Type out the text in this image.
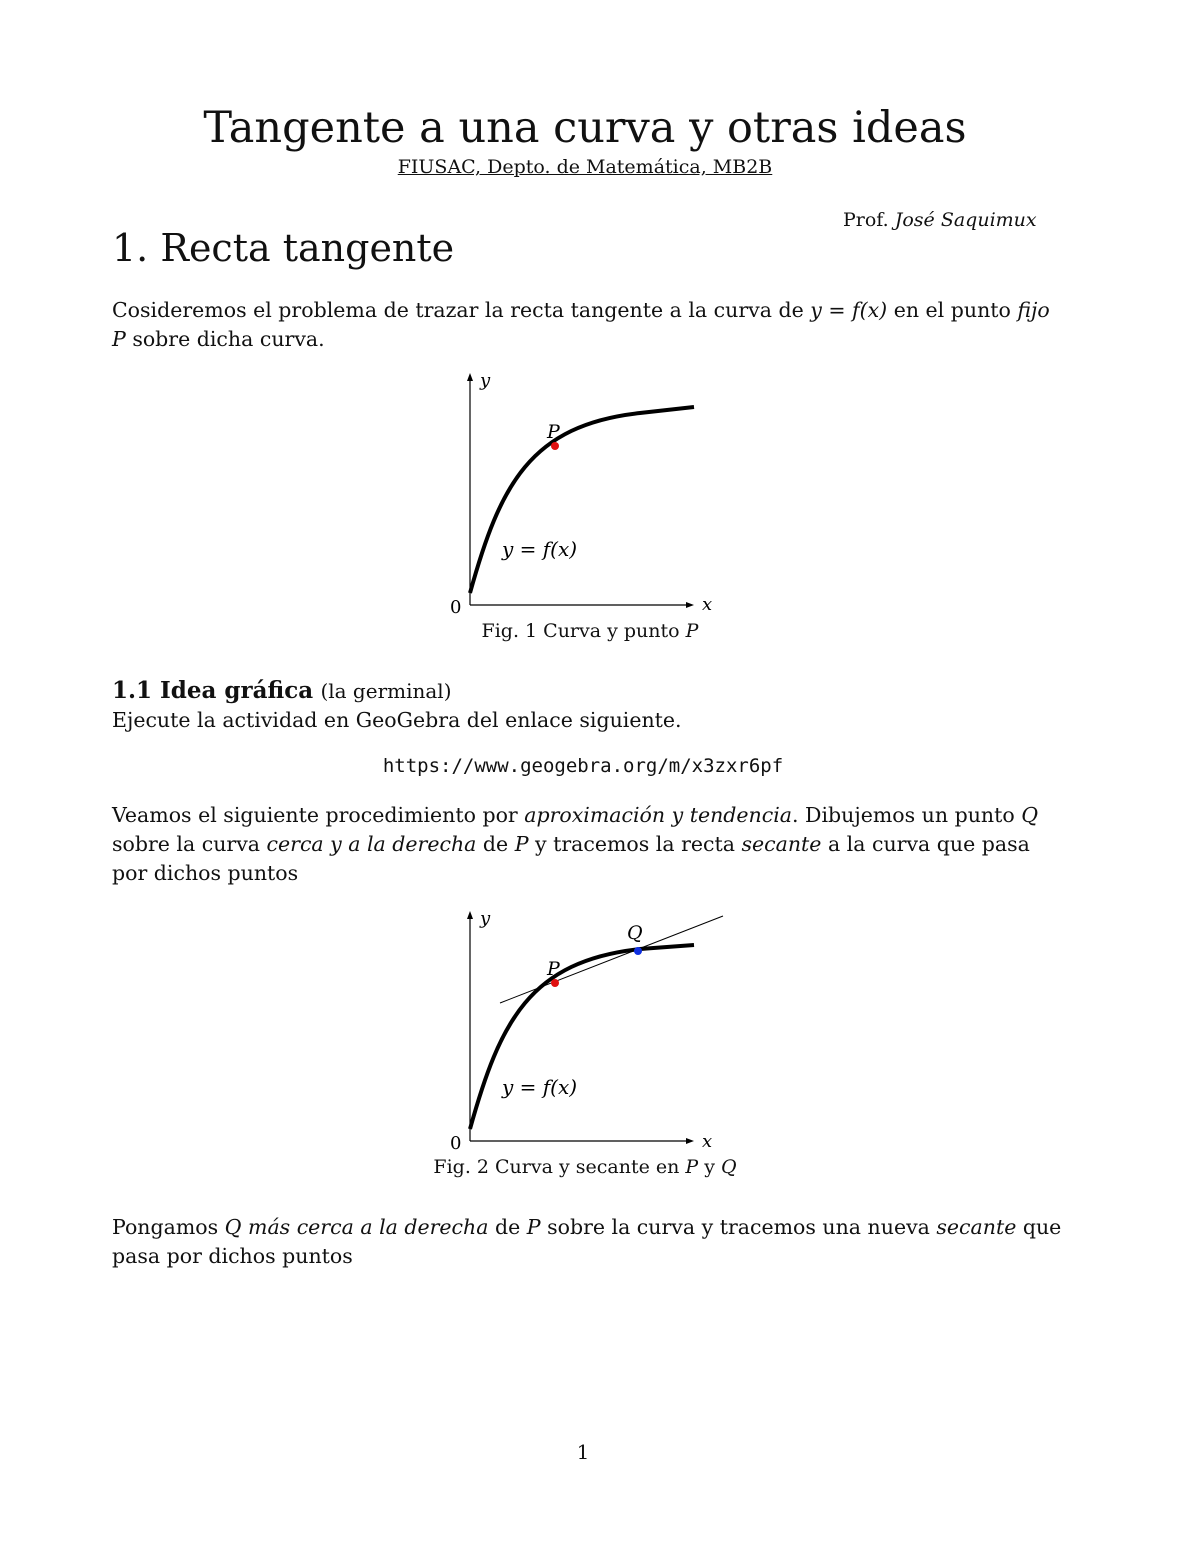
Tangente a una curva y otras ideas
FIUSAC, Depto. de Matemática, MB2B
Prof. José Saquimux
1. Recta tangente
Cosideremos el problema de trazar la recta tangente a la curva de y = f(x) en el punto fijo P sobre dicha curva.
y
x
0
P
y = f(x)
Fig. 1 Curva y punto P
1.1 Idea gráfica (la germinal)
Ejecute la actividad en GeoGebra del enlace siguiente.
https://www.geogebra.org/m/x3zxr6pf
Veamos el siguiente procedimiento por aproximación y tendencia. Dibujemos un punto Q sobre la curva cerca y a la derecha de P y tracemos la recta secante a la curva que pasa por dichos puntos
y
x
0
P
Q
y = f(x)
Fig. 2 Curva y secante en P y Q
Pongamos Q más cerca a la derecha de P sobre la curva y tracemos una nueva secante que pasa por dichos puntos
1
